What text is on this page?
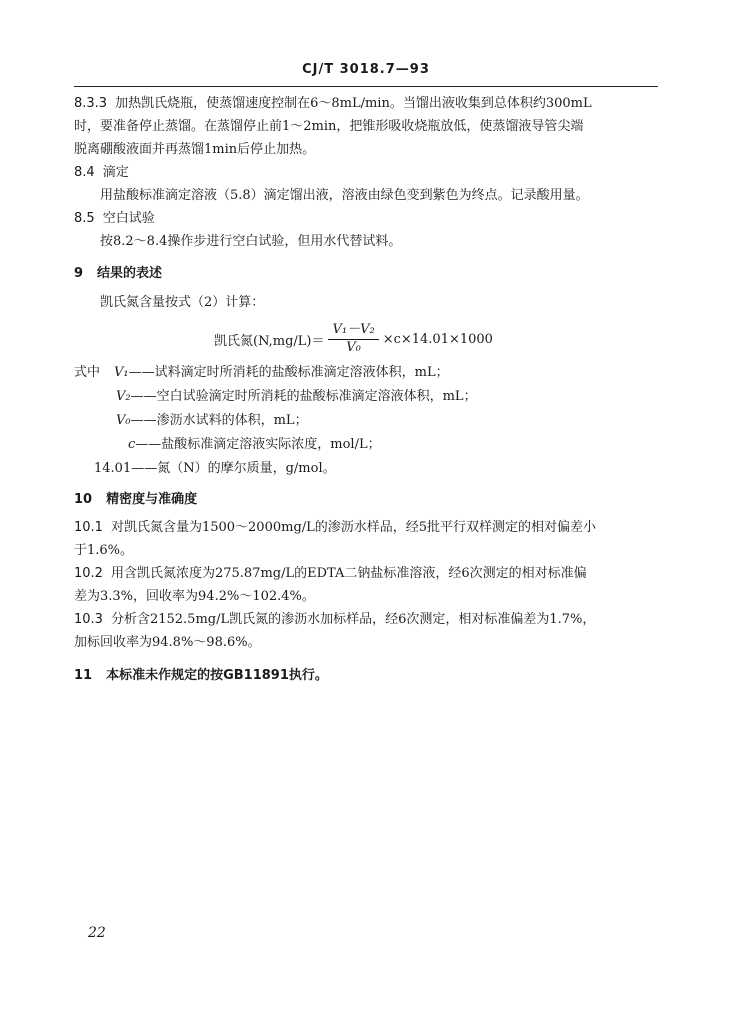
CJ/T 3018.7—93
8.3.3 加热凯氏烧瓶，使蒸馏速度控制在6～8mL/min。当馏出液收集到总体积约300mL
时，要准备停止蒸馏。在蒸馏停止前1～2min，把锥形吸收烧瓶放低，使蒸馏液导管尖端
脱离硼酸液面并再蒸馏1min后停止加热。
8.4 滴定
用盐酸标准滴定溶液（5.8）滴定馏出液，溶液由绿色变到紫色为终点。记录酸用量。
8.5 空白试验
按8.2～8.4操作步进行空白试验，但用水代替试料。
9 结果的表述
凯氏氮含量按式（2）计算：
凯氏氮$(N,mg/L)= \frac{\text{V₁－V₂}}{\text{V₀}} \times c\times 14.01\times 1000$
式中 V₁——试料滴定时所消耗的盐酸标准滴定溶液体积，mL；
V₂——空白试验滴定时所消耗的盐酸标准滴定溶液体积，mL；
V₀——渗沥水试料的体积，mL；
c——盐酸标准滴定溶液实际浓度，mol/L；
14.01——氮（N）的摩尔质量，g/mol。
10 精密度与准确度
10.1 对凯氏氮含量为1500～2000mg/L的渗沥水样品，经5批平行双样测定的相对偏差小
于1.6%。
10.2 用含凯氏氮浓度为275.87mg/L的EDTA二钠盐标准溶液，经6次测定的相对标准偏
差为3.3%，回收率为94.2%～102.4%。
10.3 分析含2152.5mg/L凯氏氮的渗沥水加标样品，经6次测定，相对标准偏差为1.7%，
加标回收率为94.8%～98.6%。
11 本标准未作规定的按GB11891执行。
22
